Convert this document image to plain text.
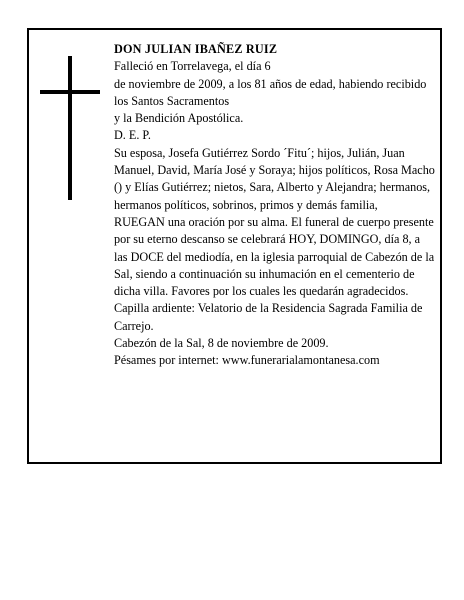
DON JULIAN IBAÑEZ RUIZ

Falleció en Torrelavega, el día 6

de noviembre de 2009, a los 81 años de edad, habiendo recibido

los Santos Sacramentos

y la Bendición Apostólica.

D. E. P.

Su esposa, Josefa Gutiérrez Sordo ´Fitu´; hijos, Julián, Juan Manuel, David, María José y Soraya; hijos políticos, Rosa Macho () y Elías Gutiérrez; nietos, Sara, Alberto y Alejandra; hermanos, hermanos políticos, sobrinos, primos y demás familia,

RUEGAN una oración por su alma. El funeral de cuerpo presente por su eterno descanso se celebrará HOY, DOMINGO, día 8, a las DOCE del mediodía, en la iglesia parroquial de Cabezón de la Sal, siendo a continuación su inhumación en el cementerio de dicha villa. Favores por los cuales les quedarán agradecidos.

Capilla ardiente: Velatorio de la Residencia Sagrada Familia de Carrejo.

Cabezón de la Sal, 8 de noviembre de 2009.

Pésames por internet: www.funerarialamontanesa.com
